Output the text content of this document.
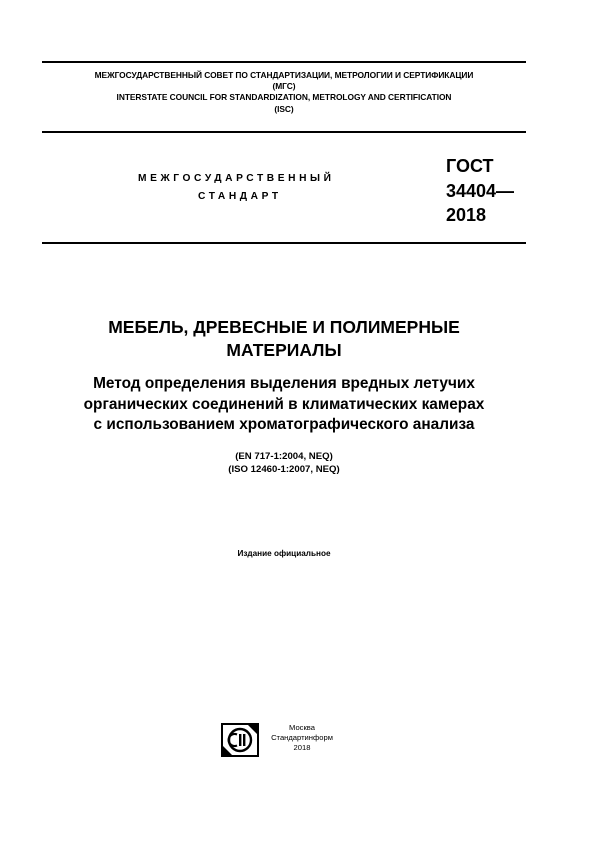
МЕЖГОСУДАРСТВЕННЫЙ СОВЕТ ПО СТАНДАРТИЗАЦИИ, МЕТРОЛОГИИ И СЕРТИФИКАЦИИ
(МГС)
INTERSTATE COUNCIL FOR STANDARDIZATION, METROLOGY AND CERTIFICATION
(ISC)
МЕЖГОСУДАРСТВЕННЫЙ
СТАНДАРТ
ГОСТ
34404—
2018
МЕБЕЛЬ, ДРЕВЕСНЫЕ И ПОЛИМЕРНЫЕ
МАТЕРИАЛЫ
Метод определения выделения вредных летучих
органических соединений в климатических камерах
с использованием хроматографического анализа
(EN 717-1:2004, NEQ)
(ISO 12460-1:2007, NEQ)
Издание официальное
Москва
Стандартинформ
2018
